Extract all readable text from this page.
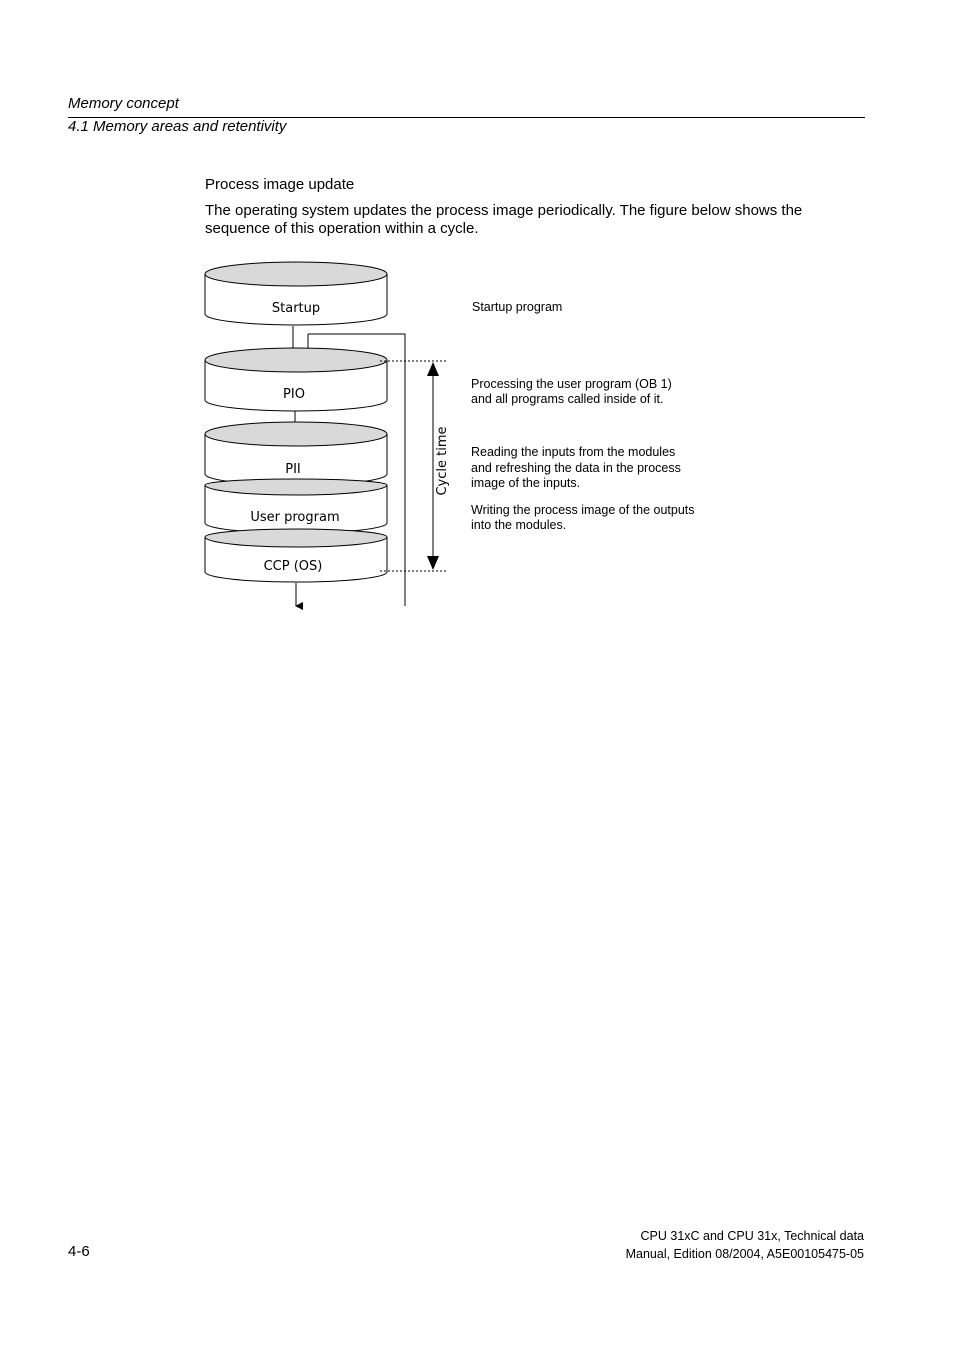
Memory concept
4.1 Memory areas and retentivity
Process image update
The operating system updates the process image periodically. The figure below shows the
sequence of this operation within a cycle.
Startup
PIO
PII
User program
CCP (OS)
Cycle time
Startup program
Processing the user program (OB 1)
and all programs called inside of it.
Reading the inputs from the modules
and refreshing the data in the process
image of the inputs.
Writing the process image of the outputs
into the modules.
4-6
CPU 31xC and CPU 31x, Technical data
Manual, Edition 08/2004, A5E00105475-05
